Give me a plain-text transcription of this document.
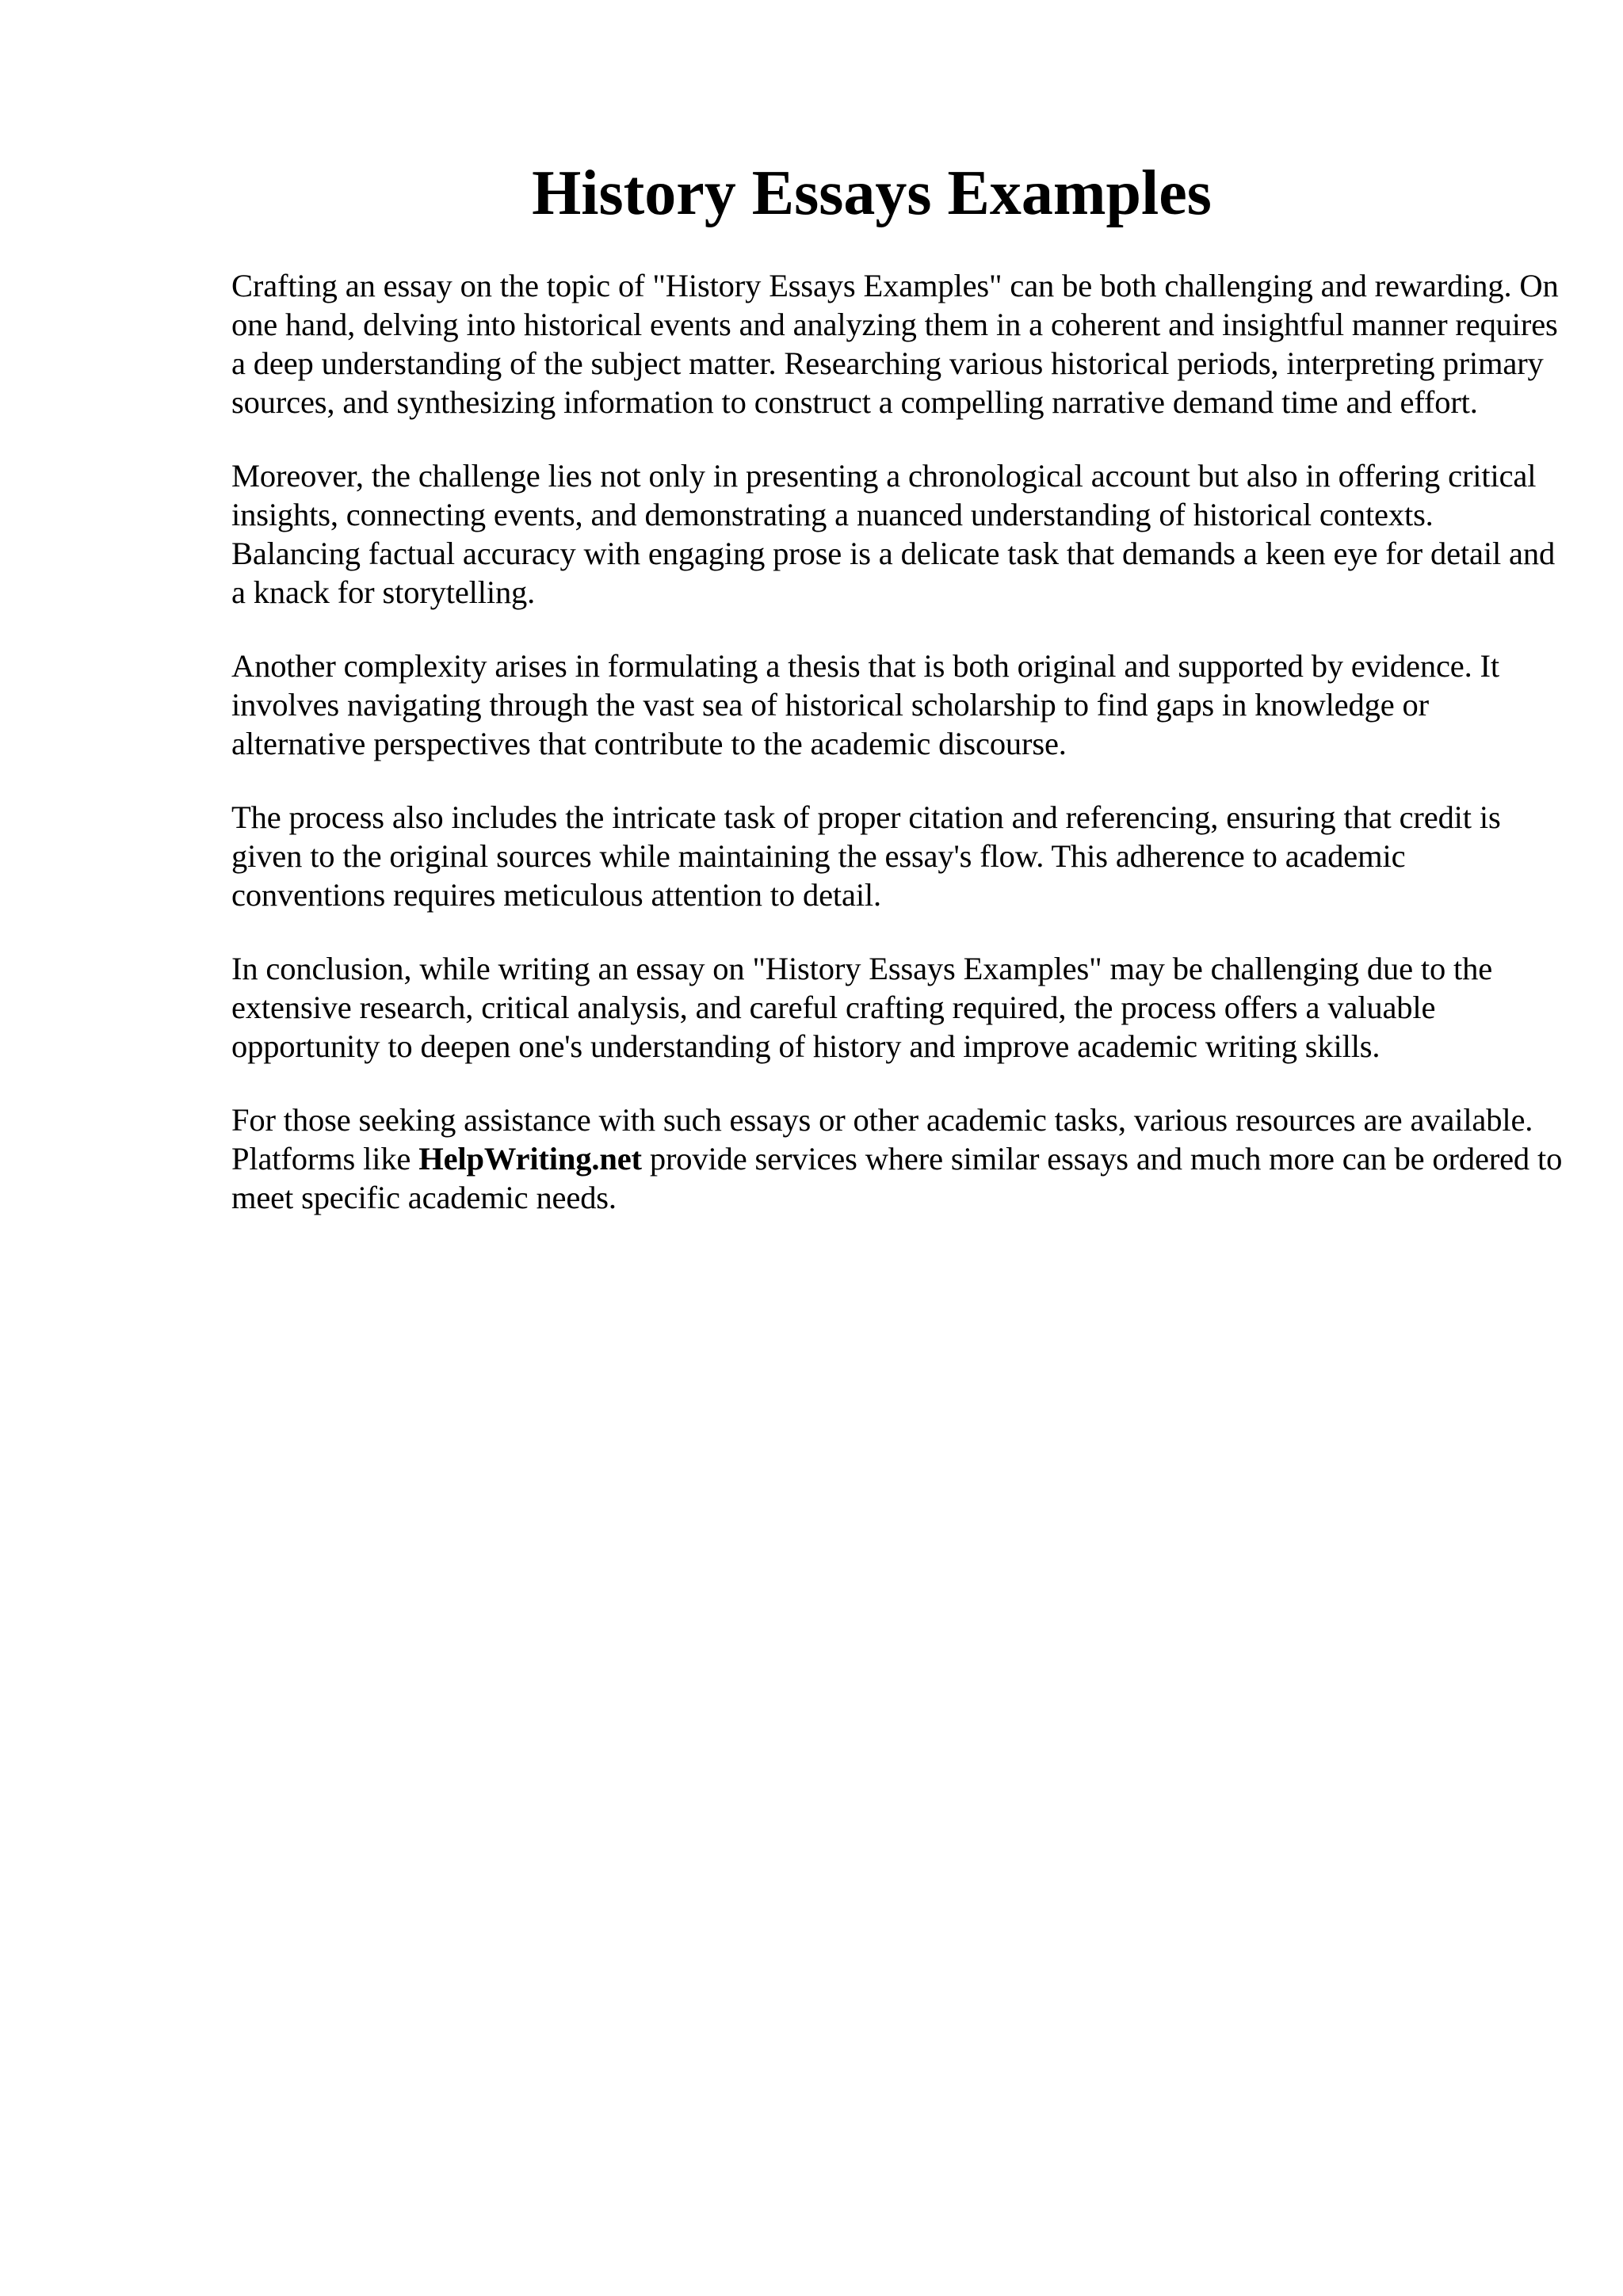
History Essays Examples

Crafting an essay on the topic of "History Essays Examples" can be both challenging and rewarding. On one hand, delving into historical events and analyzing them in a coherent and insightful manner requires a deep understanding of the subject matter. Researching various historical periods, interpreting primary sources, and synthesizing information to construct a compelling narrative demand time and effort.

Moreover, the challenge lies not only in presenting a chronological account but also in offering critical insights, connecting events, and demonstrating a nuanced understanding of historical contexts. Balancing factual accuracy with engaging prose is a delicate task that demands a keen eye for detail and a knack for storytelling.

Another complexity arises in formulating a thesis that is both original and supported by evidence. It involves navigating through the vast sea of historical scholarship to find gaps in knowledge or alternative perspectives that contribute to the academic discourse.

The process also includes the intricate task of proper citation and referencing, ensuring that credit is given to the original sources while maintaining the essay's flow. This adherence to academic conventions requires meticulous attention to detail.

In conclusion, while writing an essay on "History Essays Examples" may be challenging due to the extensive research, critical analysis, and careful crafting required, the process offers a valuable opportunity to deepen one's understanding of history and improve academic writing skills.

For those seeking assistance with such essays or other academic tasks, various resources are available. Platforms like HelpWriting.net provide services where similar essays and much more can be ordered to meet specific academic needs.
